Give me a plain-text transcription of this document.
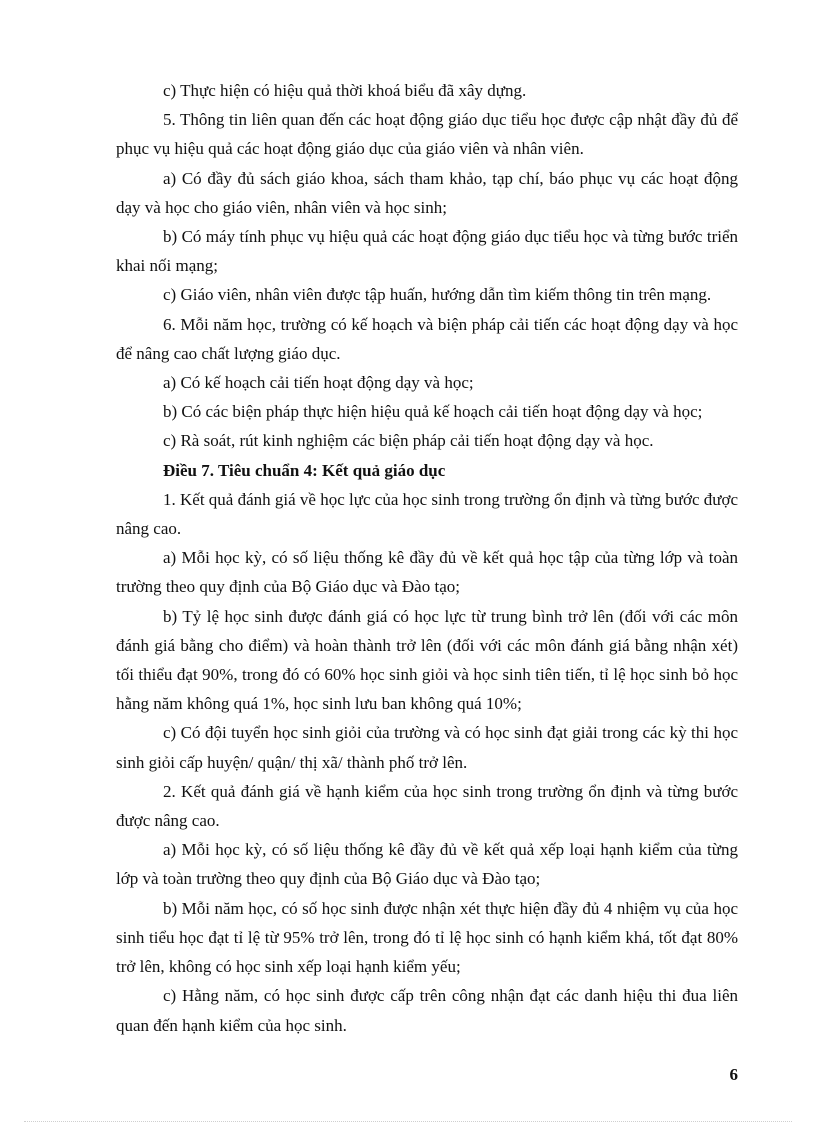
c) Thực hiện có hiệu quả thời khoá biểu đã xây dựng.

5. Thông tin liên quan đến các hoạt động giáo dục tiểu học được cập nhật đầy đủ để phục vụ hiệu quả các hoạt động giáo dục của giáo viên và nhân viên.

a) Có đầy đủ sách giáo khoa, sách tham khảo, tạp chí, báo phục vụ các hoạt động dạy và học cho giáo viên, nhân viên và học sinh;

b) Có máy tính phục vụ hiệu quả các hoạt động giáo dục tiểu học và từng bước triển khai nối mạng;

c) Giáo viên, nhân viên được tập huấn, hướng dẫn tìm kiếm thông tin trên mạng.

6. Mỗi năm học, trường có kế hoạch và biện pháp cải tiến các hoạt động dạy và học để nâng cao chất lượng giáo dục.

a) Có kế hoạch cải tiến hoạt động dạy và học;

b) Có các biện pháp thực hiện hiệu quả kế hoạch cải tiến hoạt động dạy và học;

c) Rà soát, rút kinh nghiệm các biện pháp cải tiến hoạt động dạy và học.

Điều 7. Tiêu chuẩn 4: Kết quả giáo dục

1. Kết quả đánh giá về học lực của học sinh trong trường ổn định và từng bước được nâng cao.

a) Mỗi học kỳ, có số liệu thống kê đầy đủ về kết quả học tập của từng lớp và toàn trường theo quy định của Bộ Giáo dục và Đào tạo;

b) Tỷ lệ học sinh được đánh giá có học lực từ trung bình trở lên (đối với các môn đánh giá bằng cho điểm) và hoàn thành trở lên (đối với các môn đánh giá bằng nhận xét) tối thiểu đạt 90%, trong đó có 60% học sinh giỏi và học sinh tiên tiến, tỉ lệ học sinh bỏ học hằng năm không quá 1%, học sinh lưu ban không quá 10%;

c) Có đội tuyển học sinh giỏi của trường và có học sinh đạt giải trong các kỳ thi học sinh giỏi cấp huyện/ quận/ thị xã/ thành phố trở lên.

2. Kết quả đánh giá về hạnh kiểm của học sinh trong trường ổn định và từng bước được nâng cao.

a) Mỗi học kỳ, có số liệu thống kê đầy đủ về kết quả xếp loại hạnh kiểm của từng lớp và toàn trường theo quy định của Bộ Giáo dục và Đào tạo;

b) Mỗi năm học, có số học sinh được nhận xét thực hiện đầy đủ 4 nhiệm vụ của học sinh tiểu học đạt tỉ lệ từ 95% trở lên, trong đó tỉ lệ học sinh có hạnh kiểm khá, tốt đạt 80% trở lên, không có học sinh xếp loại hạnh kiểm yếu;

c) Hằng năm, có học sinh được cấp trên công nhận đạt các danh hiệu thi đua liên quan đến hạnh kiểm của học sinh.

6
